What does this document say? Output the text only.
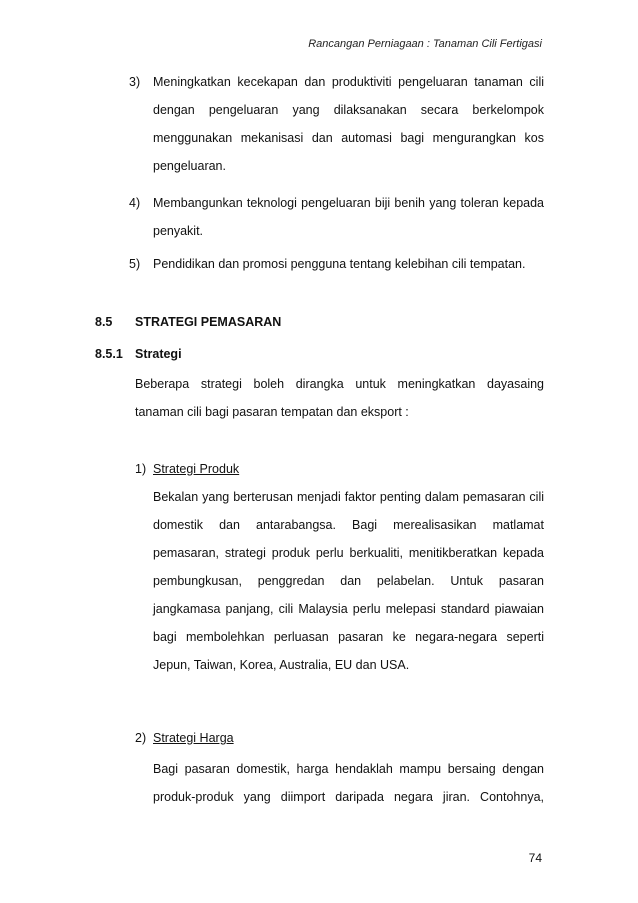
Rancangan Perniagaan : Tanaman Cili Fertigasi
3) Meningkatkan kecekapan dan produktiviti pengeluaran tanaman cili dengan pengeluaran yang dilaksanakan secara berkelompok menggunakan mekanisasi dan automasi bagi mengurangkan kos pengeluaran.
4) Membangunkan teknologi pengeluaran biji benih yang toleran kepada penyakit.
5) Pendidikan dan promosi pengguna tentang kelebihan cili tempatan.
8.5 STRATEGI PEMASARAN
8.5.1 Strategi
Beberapa strategi boleh dirangka untuk meningkatkan dayasaing tanaman cili bagi pasaran tempatan dan eksport :
1) Strategi Produk
Bekalan yang berterusan menjadi faktor penting dalam pemasaran cili domestik dan antarabangsa. Bagi merealisasikan matlamat pemasaran, strategi produk perlu berkualiti, menitikberatkan kepada pembungkusan, penggredan dan pelabelan. Untuk pasaran jangkamasa panjang, cili Malaysia perlu melepasi standard piawaian bagi membolehkan perluasan pasaran ke negara-negara seperti Jepun, Taiwan, Korea, Australia, EU dan USA.
2) Strategi Harga
Bagi pasaran domestik, harga hendaklah mampu bersaing dengan produk-produk yang diimport daripada negara jiran. Contohnya,
74
